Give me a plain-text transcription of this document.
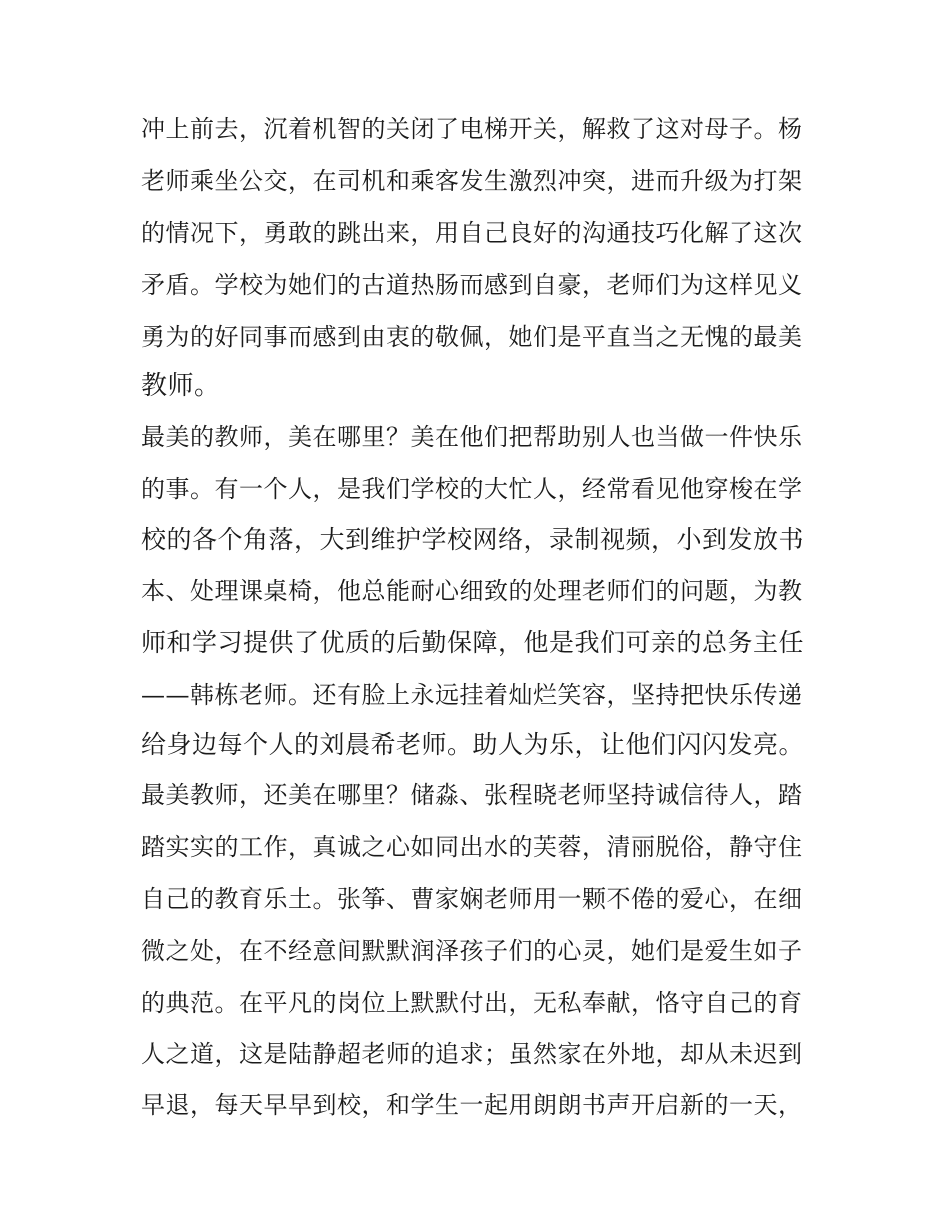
冲上前去，沉着机智的关闭了电梯开关，解救了这对母子。杨
老师乘坐公交，在司机和乘客发生激烈冲突，进而升级为打架
的情况下，勇敢的跳出来，用自己良好的沟通技巧化解了这次
矛盾。学校为她们的古道热肠而感到自豪，老师们为这样见义
勇为的好同事而感到由衷的敬佩，她们是平直当之无愧的最美
教师。
最美的教师，美在哪里？美在他们把帮助别人也当做一件快乐
的事。有一个人，是我们学校的大忙人，经常看见他穿梭在学
校的各个角落，大到维护学校网络，录制视频，小到发放书
本、处理课桌椅，他总能耐心细致的处理老师们的问题，为教
师和学习提供了优质的后勤保障，他是我们可亲的总务主任
——韩栋老师。还有脸上永远挂着灿烂笑容，坚持把快乐传递
给身边每个人的刘晨希老师。助人为乐，让他们闪闪发亮。
最美教师，还美在哪里？储淼、张程晓老师坚持诚信待人，踏
踏实实的工作，真诚之心如同出水的芙蓉，清丽脱俗，静守住
自己的教育乐土。张筝、曹家娴老师用一颗不倦的爱心，在细
微之处，在不经意间默默润泽孩子们的心灵，她们是爱生如子
的典范。在平凡的岗位上默默付出，无私奉献，恪守自己的育
人之道，这是陆静超老师的追求；虽然家在外地，却从未迟到
早退，每天早早到校，和学生一起用朗朗书声开启新的一天，
